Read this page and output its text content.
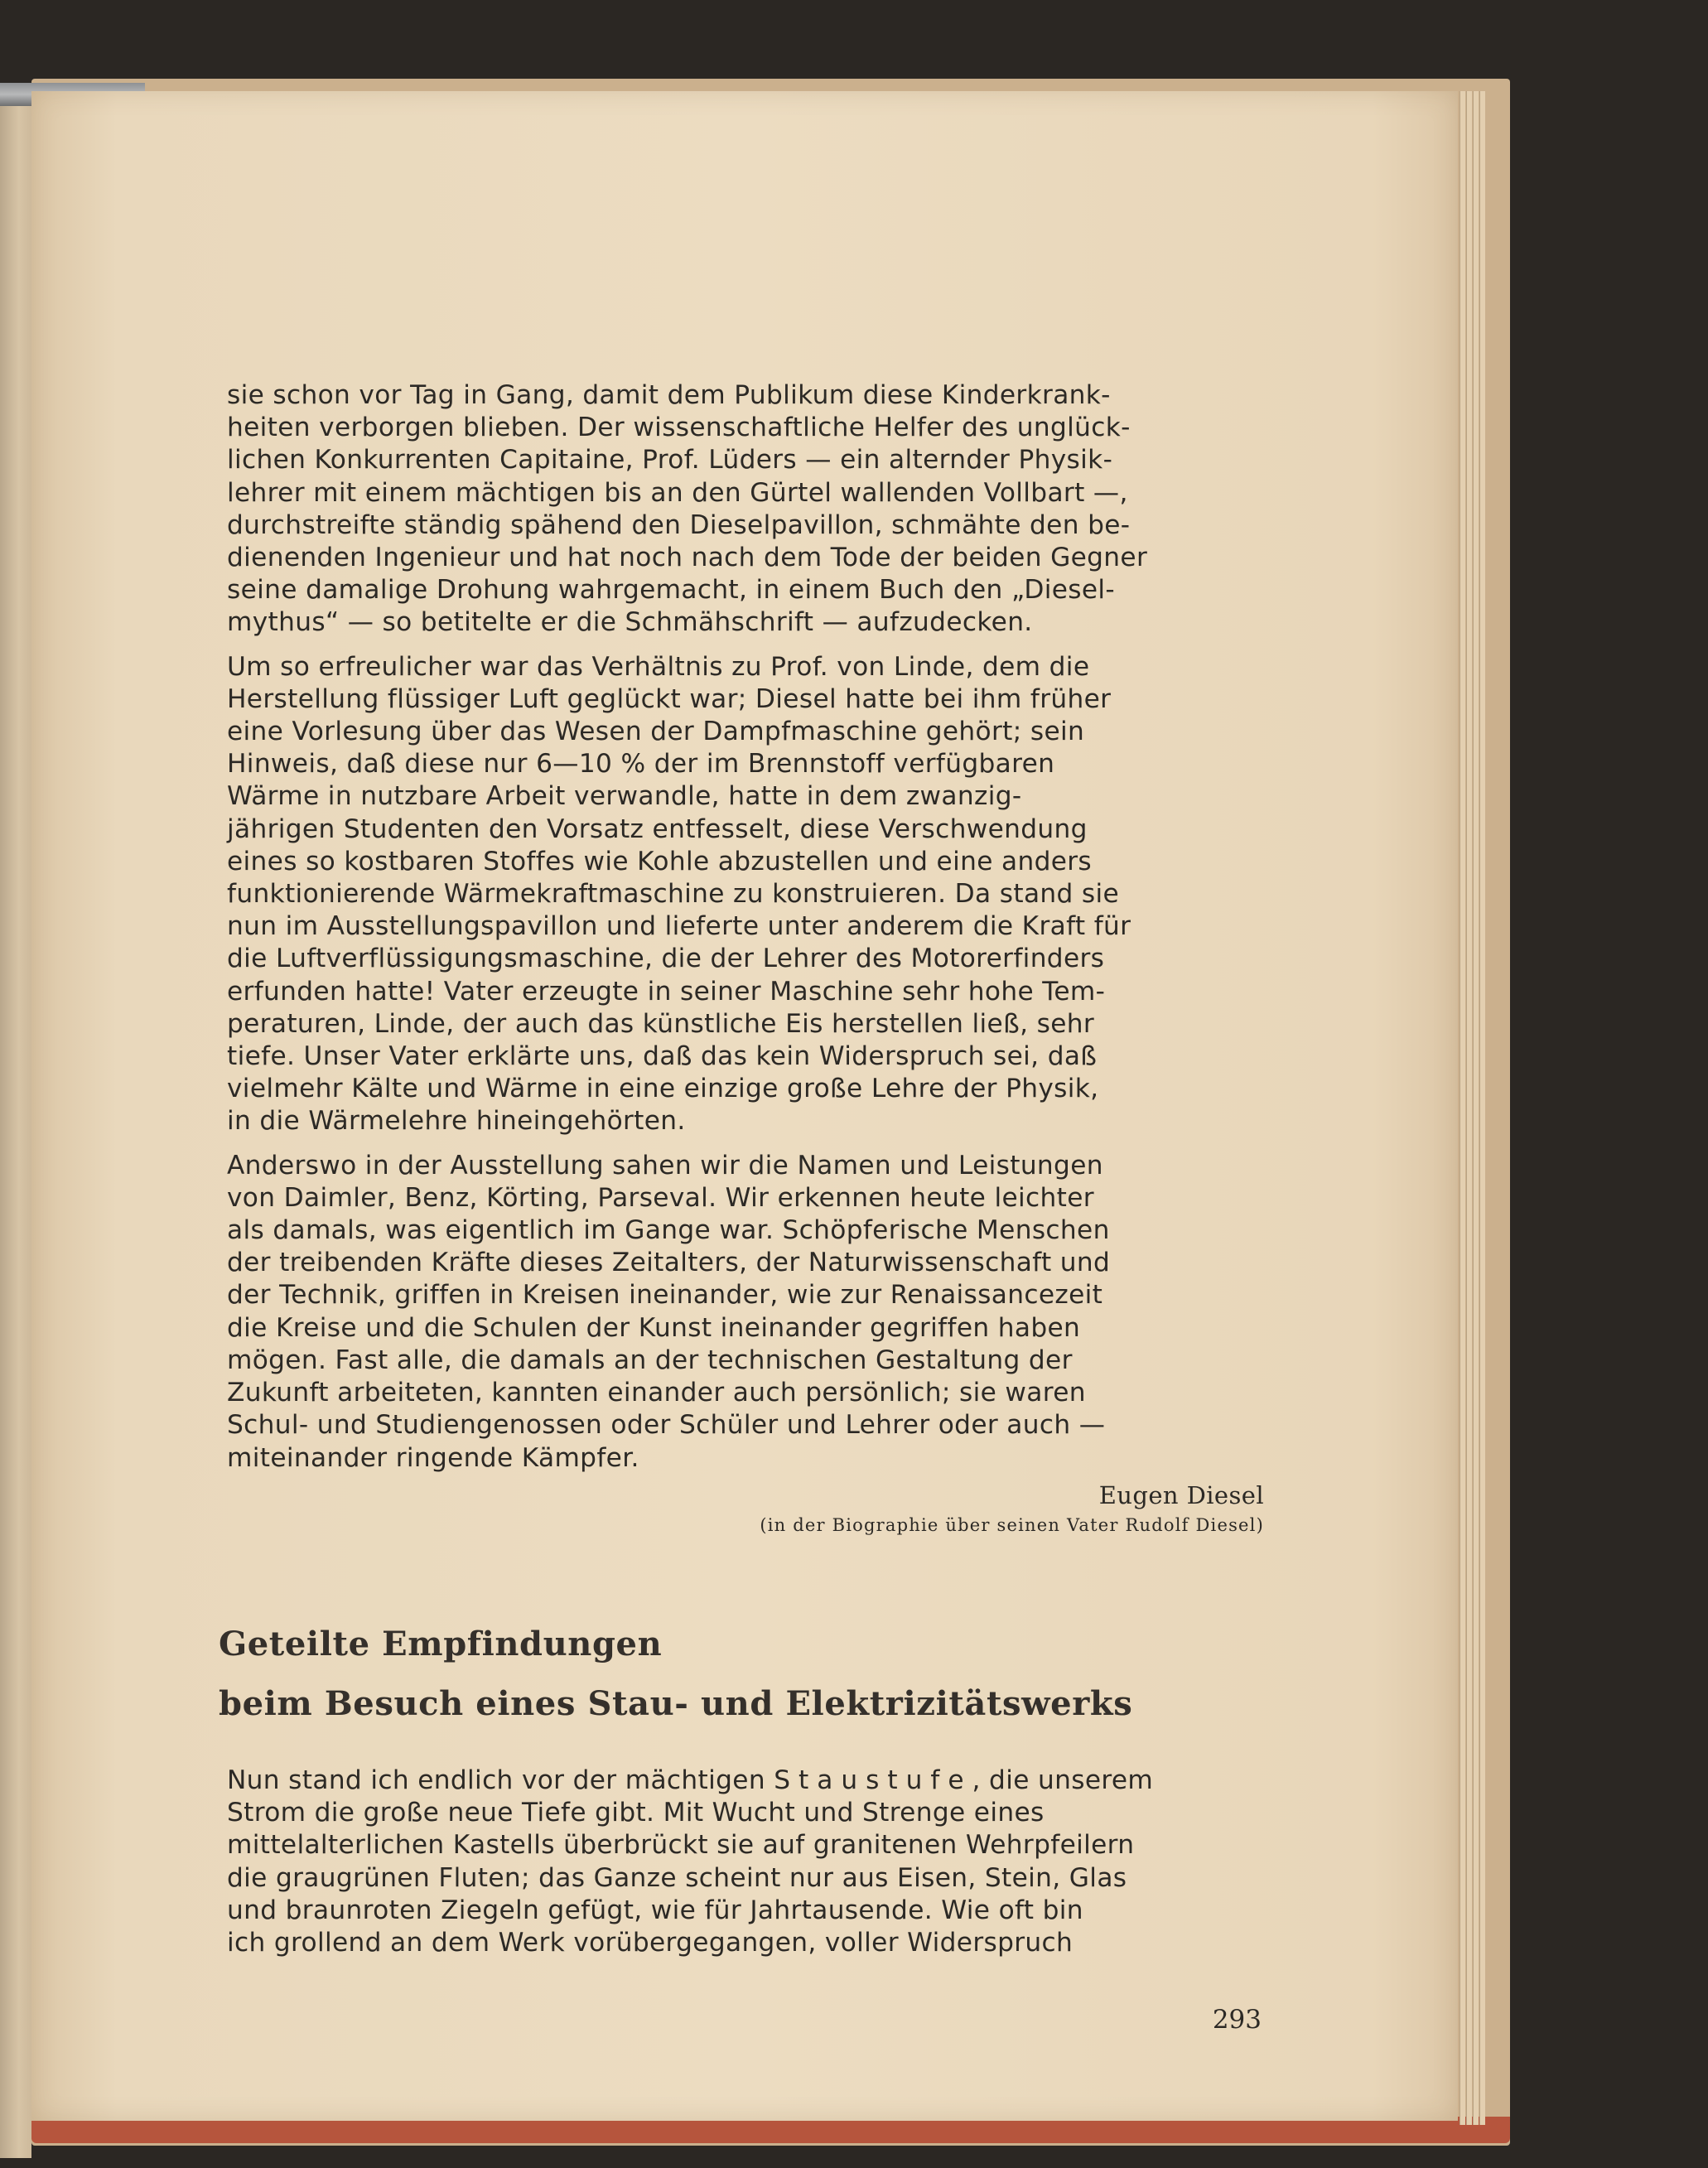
sie schon vor Tag in Gang, damit dem Publikum diese Kinderkrank-
heiten verborgen blieben. Der wissenschaftliche Helfer des unglück-
lichen Konkurrenten Capitaine, Prof. Lüders — ein alternder Physik-
lehrer mit einem mächtigen bis an den Gürtel wallenden Vollbart —,
durchstreifte ständig spähend den Dieselpavillon, schmähte den be-
dienenden Ingenieur und hat noch nach dem Tode der beiden Gegner
seine damalige Drohung wahrgemacht, in einem Buch den „Diesel-
mythus“ — so betitelte er die Schmähschrift — aufzudecken.

Um so erfreulicher war das Verhältnis zu Prof. von Linde, dem die
Herstellung flüssiger Luft geglückt war; Diesel hatte bei ihm früher
eine Vorlesung über das Wesen der Dampfmaschine gehört; sein
Hinweis, daß diese nur 6—10 % der im Brennstoff verfügbaren
Wärme in nutzbare Arbeit verwandle, hatte in dem zwanzig-
jährigen Studenten den Vorsatz entfesselt, diese Verschwendung
eines so kostbaren Stoffes wie Kohle abzustellen und eine anders
funktionierende Wärmekraftmaschine zu konstruieren. Da stand sie
nun im Ausstellungspavillon und lieferte unter anderem die Kraft für
die Luftverflüssigungsmaschine, die der Lehrer des Motorerfinders
erfunden hatte! Vater erzeugte in seiner Maschine sehr hohe Tem-
peraturen, Linde, der auch das künstliche Eis herstellen ließ, sehr
tiefe. Unser Vater erklärte uns, daß das kein Widerspruch sei, daß
vielmehr Kälte und Wärme in eine einzige große Lehre der Physik,
in die Wärmelehre hineingehörten.

Anderswo in der Ausstellung sahen wir die Namen und Leistungen
von Daimler, Benz, Körting, Parseval. Wir erkennen heute leichter
als damals, was eigentlich im Gange war. Schöpferische Menschen
der treibenden Kräfte dieses Zeitalters, der Naturwissenschaft und
der Technik, griffen in Kreisen ineinander, wie zur Renaissancezeit
die Kreise und die Schulen der Kunst ineinander gegriffen haben
mögen. Fast alle, die damals an der technischen Gestaltung der
Zukunft arbeiteten, kannten einander auch persönlich; sie waren
Schul- und Studiengenossen oder Schüler und Lehrer oder auch —
miteinander ringende Kämpfer.

Eugen Diesel
(in der Biographie über seinen Vater Rudolf Diesel)
Geteilte Empfindungen
beim Besuch eines Stau- und Elektrizitätswerks

Nun stand ich endlich vor der mächtigen Staustufe, die unserem
Strom die große neue Tiefe gibt. Mit Wucht und Strenge eines
mittelalterlichen Kastells überbrückt sie auf granitenen Wehrpfeilern
die graugrünen Fluten; das Ganze scheint nur aus Eisen, Stein, Glas
und braunroten Ziegeln gefügt, wie für Jahrtausende. Wie oft bin
ich grollend an dem Werk vorübergegangen, voller Widerspruch

293
